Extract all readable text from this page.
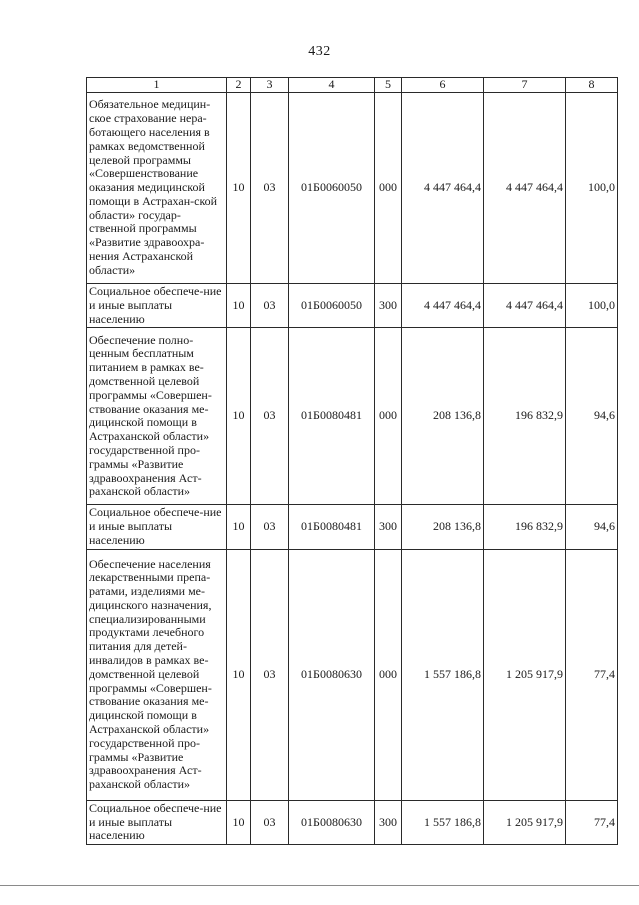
432
1	2	3	4	5	6	7	8
Обязательное медицин-ское страхование нера-ботающего населения в рамках ведомственной целевой программы «Совершенствование оказания медицинской помощи в Астрахан-ской области» государ-ственной программы «Развитие здравоохра-нения Астраханской области»	10	03	01Б0060050	000	4 447 464,4	4 447 464,4	100,0
Социальное обеспече-ние и иные выплаты населению	10	03	01Б0060050	300	4 447 464,4	4 447 464,4	100,0
Обеспечение полно-ценным бесплатным питанием в рамках ве-домственной целевой программы «Совершен-ствование оказания ме-дицинской помощи в Астраханской области» государственной про-граммы «Развитие здравоохранения Аст-раханской области»	10	03	01Б0080481	000	208 136,8	196 832,9	94,6
Социальное обеспече-ние и иные выплаты населению	10	03	01Б0080481	300	208 136,8	196 832,9	94,6
Обеспечение населения лекарственными препа-ратами, изделиями ме-дицинского назначения, специализированными продуктами лечебного питания для детей-инвалидов в рамках ве-домственной целевой программы «Совершен-ствование оказания ме-дицинской помощи в Астраханской области» государственной про-граммы «Развитие здравоохранения Аст-раханской области»	10	03	01Б0080630	000	1 557 186,8	1 205 917,9	77,4
Социальное обеспече-ние и иные выплаты населению	10	03	01Б0080630	300	1 557 186,8	1 205 917,9	77,4
